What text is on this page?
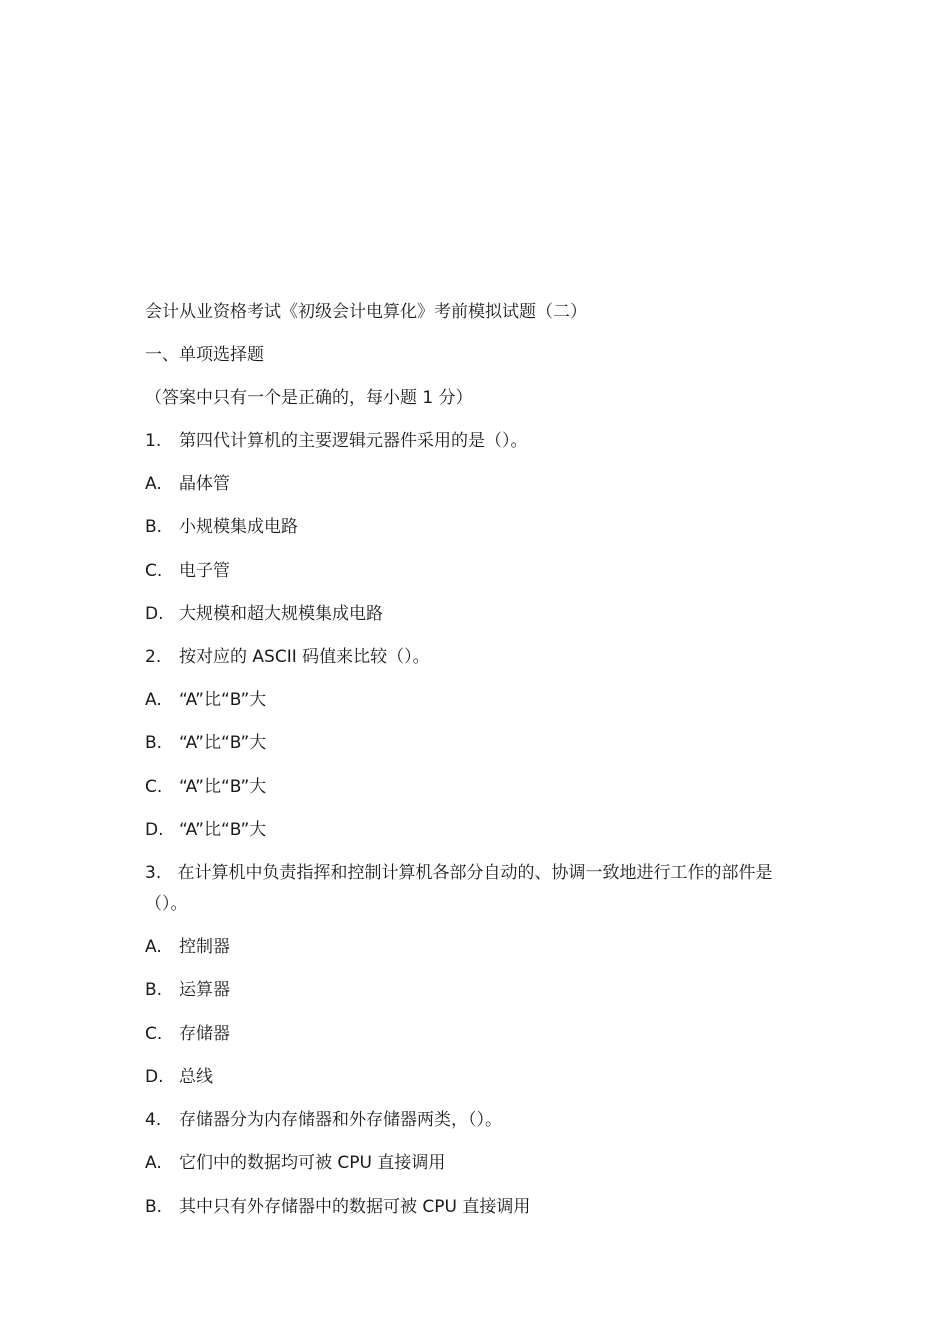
会计从业资格考试《初级会计电算化》考前模拟试题（二）
一、单项选择题
（答案中只有一个是正确的，每小题 1 分）
1. 第四代计算机的主要逻辑元器件采用的是（）。
A. 晶体管
B. 小规模集成电路
C. 电子管
D. 大规模和超大规模集成电路
2. 按对应的 ASCII 码值来比较（）。
A. “A”比“B”大
B. “A”比“B”大
C. “A”比“B”大
D. “A”比“B”大
3. 在计算机中负责指挥和控制计算机各部分自动的、协调一致地进行工作的部件是（）。
A. 控制器
B. 运算器
C. 存储器
D. 总线
4. 存储器分为内存储器和外存储器两类，（）。
A. 它们中的数据均可被 CPU 直接调用
B. 其中只有外存储器中的数据可被 CPU 直接调用
